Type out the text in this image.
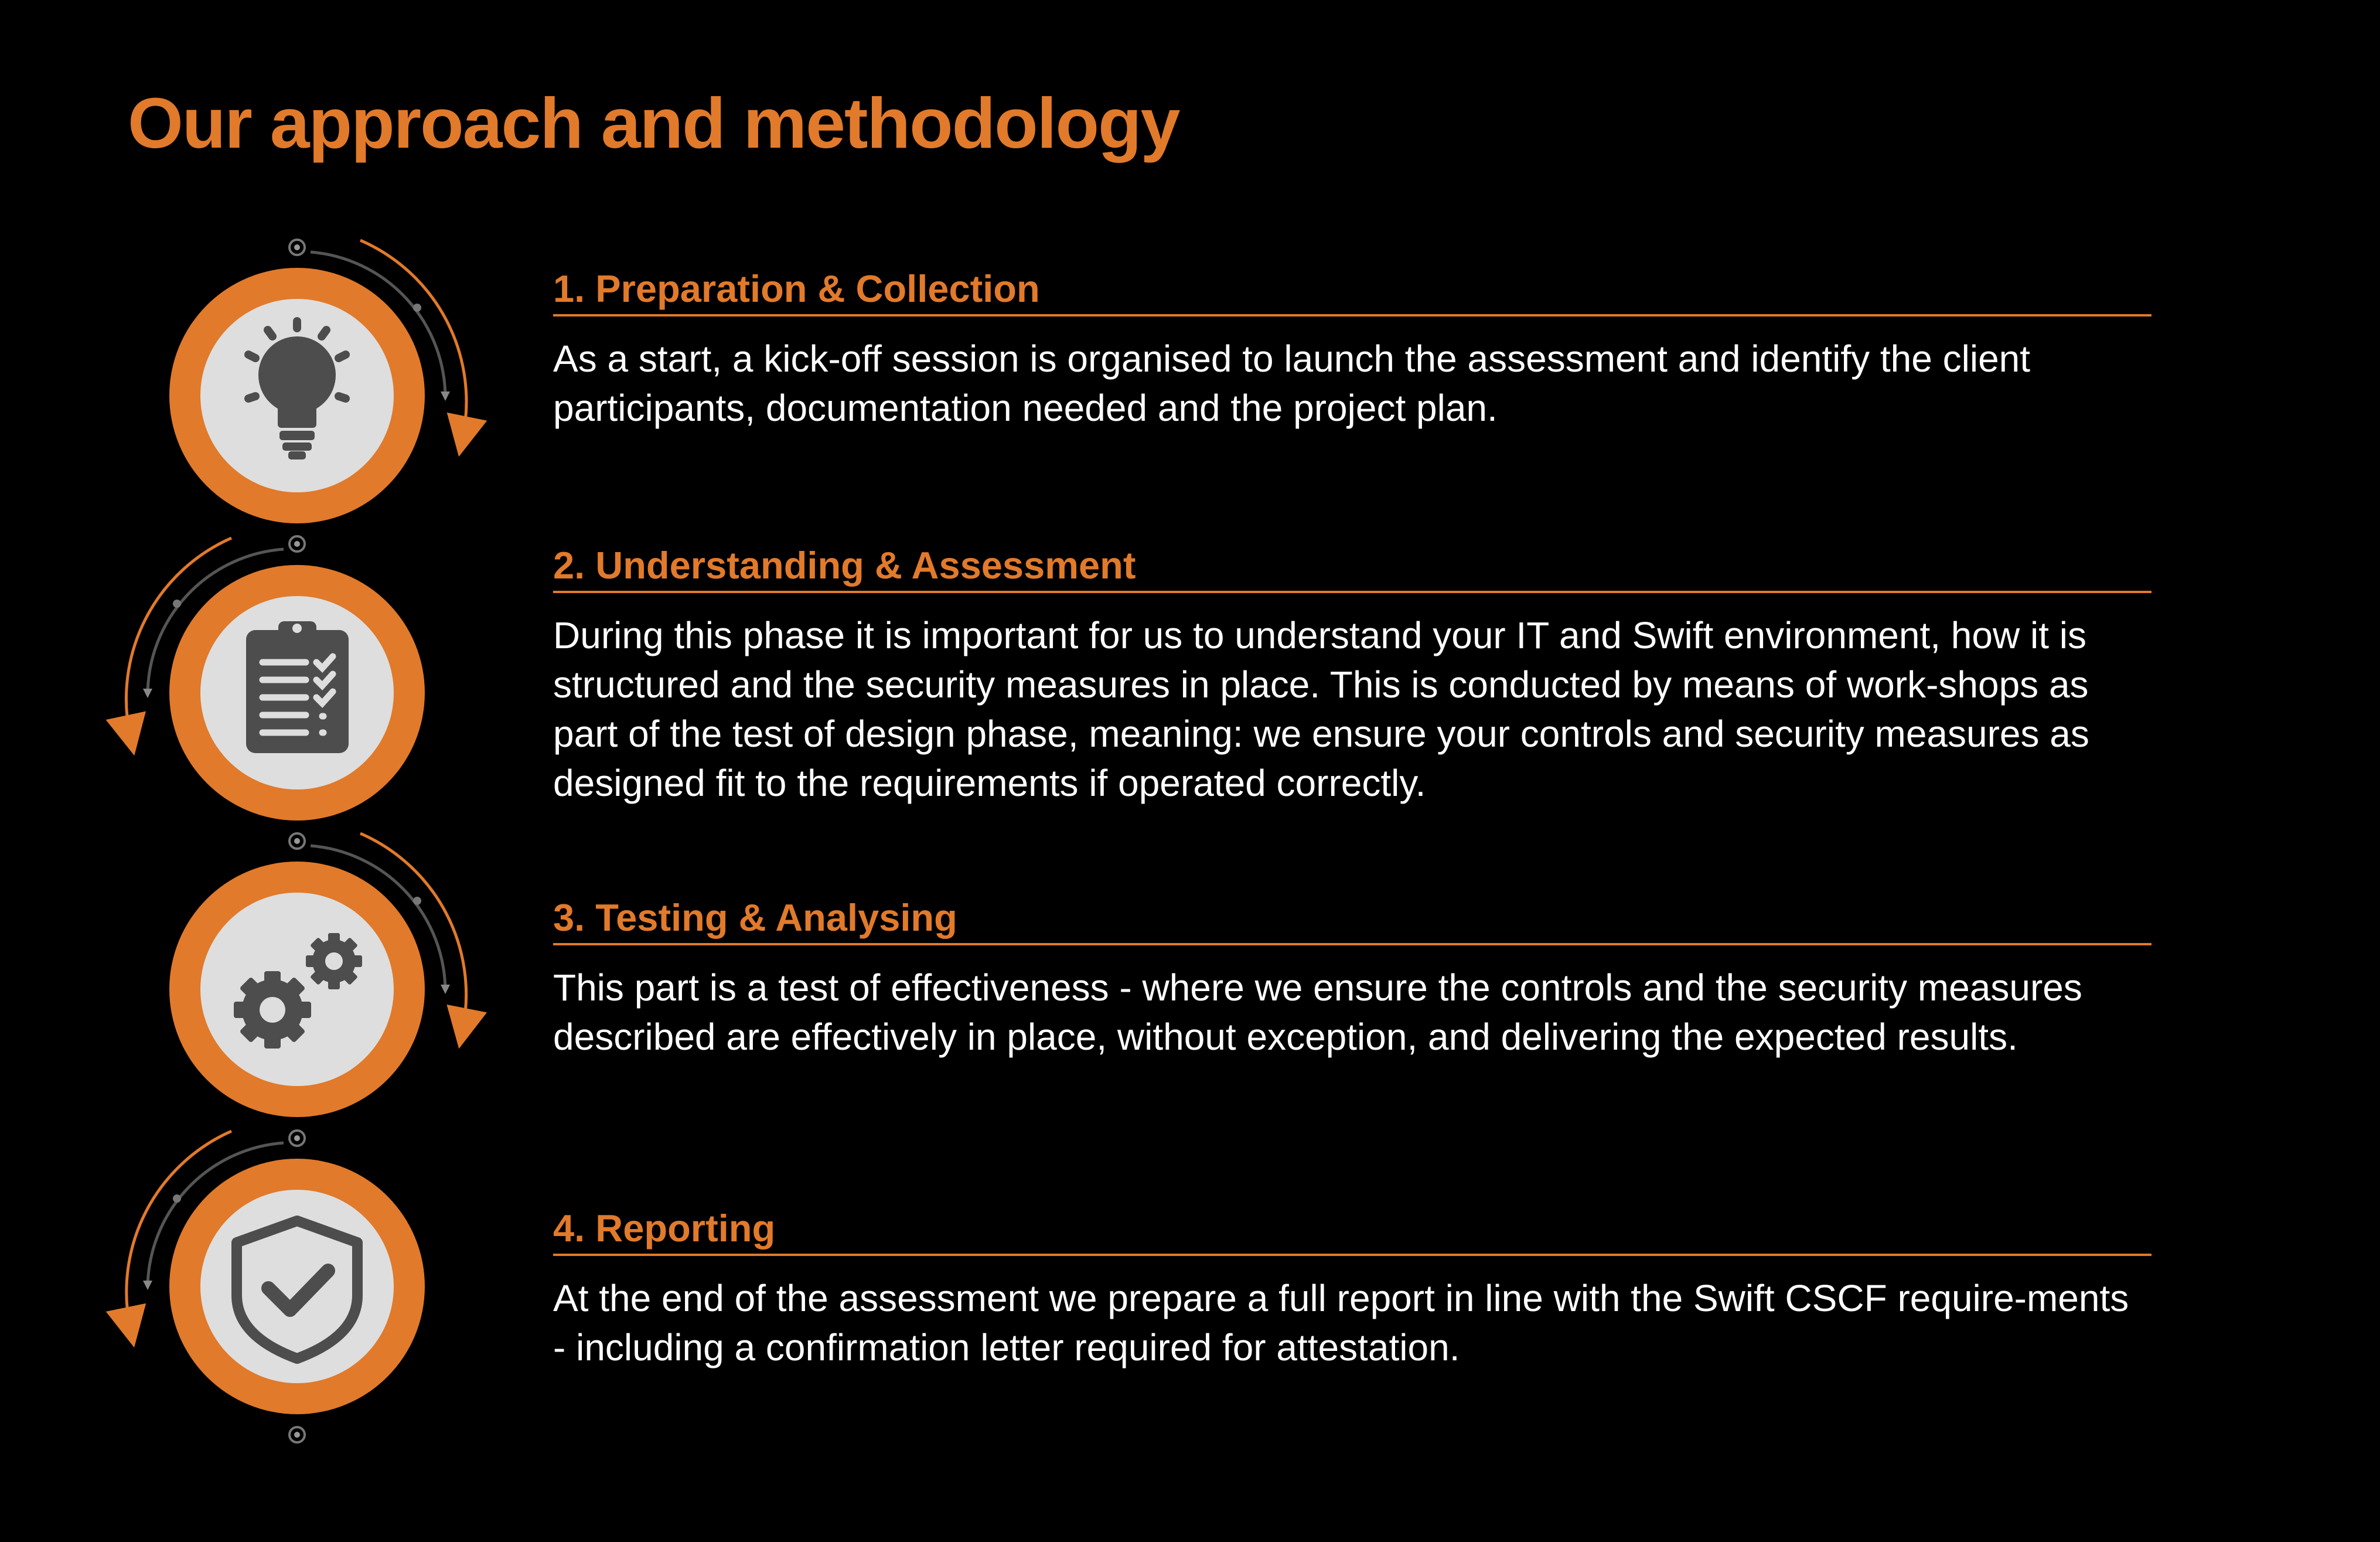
Our approach and methodology
1. Preparation & Collection

As a start, a kick-off session is organised to launch the assessment and identify the client participants, documentation needed and the project plan.

2. Understanding & Assessment

During this phase it is important for us to understand your IT and Swift environment, how it is structured and the security measures in place. This is conducted by means of work-shops as part of the test of design phase, meaning: we ensure your controls and security measures as designed fit to the requirements if operated correctly.

3. Testing & Analysing

This part is a test of effectiveness - where we ensure the controls and the security measures described are effectively in place, without exception, and delivering the expected results.

4. Reporting

At the end of the assessment we prepare a full report in line with the Swift CSCF require-ments - including a confirmation letter required for attestation.
